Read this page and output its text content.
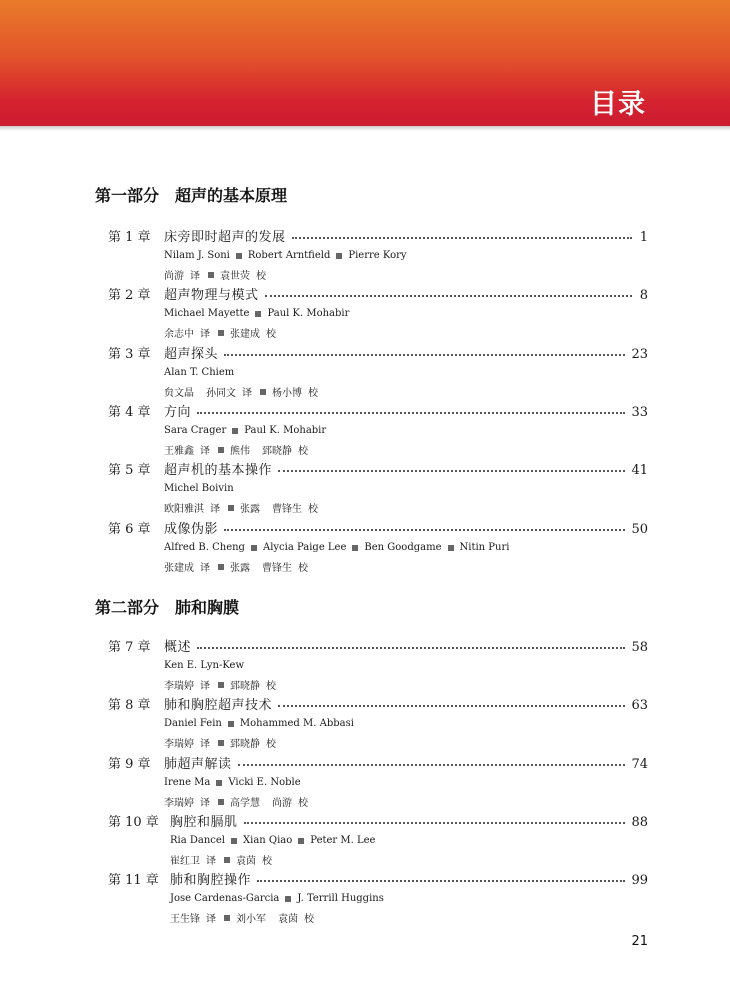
目录
第一部分 超声的基本原理
第 1 章	床旁即时超声的发展	1
Nilam J. Soni Robert Arntfield Pierre Kory
尚游 译 袁世荧 校
第 2 章	超声物理与模式	8
Michael Mayette Paul K. Mohabir
余志中 译 张建成 校
第 3 章	超声探头	23
Alan T. Chiem
贠文晶 孙同文 译 杨小博 校
第 4 章	方向	33
Sara Crager Paul K. Mohabir
王雅鑫 译 熊伟 郅晓静 校
第 5 章	超声机的基本操作	41
Michel Boivin
欧阳雅淇 译 张露 曹锋生 校
第 6 章	成像伪影	50
Alfred B. Cheng Alycia Paige Lee Ben Goodgame Nitin Puri
张建成 译 张露 曹锋生 校
第二部分 肺和胸膜
第 7 章	概述	58
Ken E. Lyn-Kew
李瑞婷 译 郅晓静 校
第 8 章	肺和胸腔超声技术	63
Daniel Fein Mohammed M. Abbasi
李瑞婷 译 郅晓静 校
第 9 章	肺超声解读	74
Irene Ma Vicki E. Noble
李瑞婷 译 高学慧 尚游 校
第 10 章 胸腔和膈肌	88
Ria Dancel Xian Qiao Peter M. Lee
崔红卫 译 袁茵 校
第 11 章 肺和胸腔操作	99
Jose Cardenas-Garcia J. Terrill Huggins
王生锋 译 刘小军 袁茵 校
21
